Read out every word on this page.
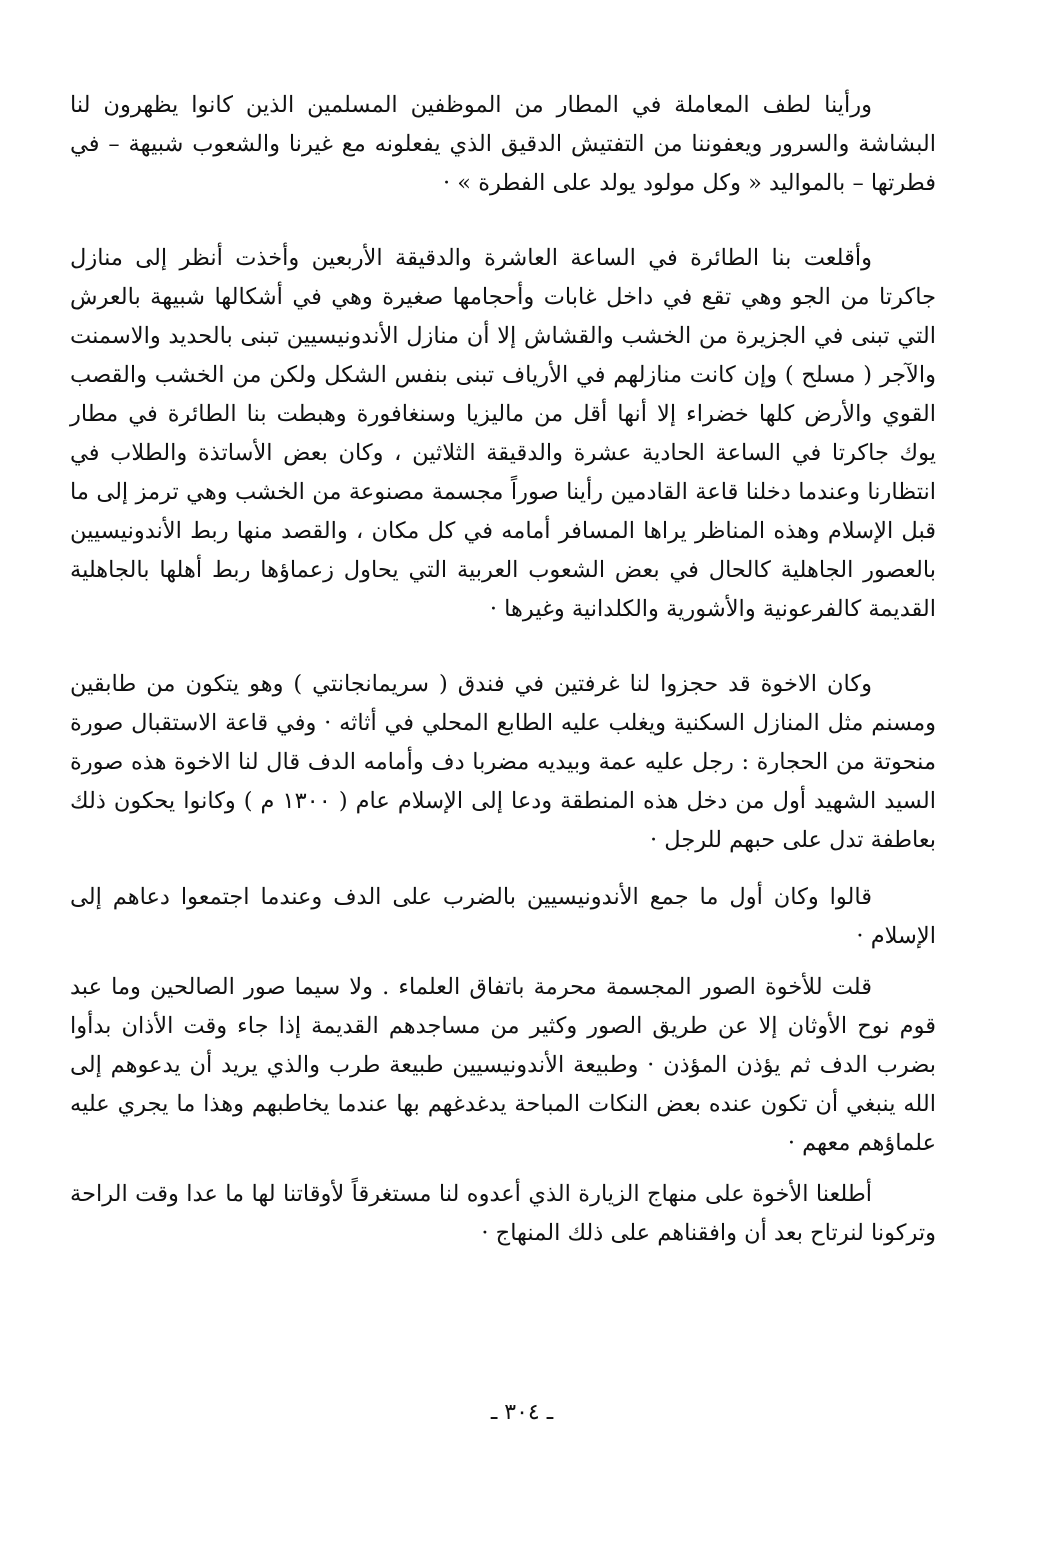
ورأينا لطف المعاملة في المطار من الموظفين المسلمين الذين كانوا يظهرون لنا البشاشة والسرور ويعفوننا من التفتيش الدقيق الذي يفعلونه مع غيرنا والشعوب شبيهة – في فطرتها – بالمواليد « وكل مولود يولد على الفطرة » ·

وأقلعت بنا الطائرة في الساعة العاشرة والدقيقة الأربعين وأخذت أنظر إلى منازل جاكرتا من الجو وهي تقع في داخل غابات وأحجامها صغيرة وهي في أشكالها شبيهة بالعرش التي تبنى في الجزيرة من الخشب والقشاش إلا أن منازل الأندونيسيين تبنى بالحديد والاسمنت والآجر ( مسلح ) وإن كانت منازلهم في الأرياف تبنى بنفس الشكل ولكن من الخشب والقصب القوي والأرض كلها خضراء إلا أنها أقل من ماليزيا وسنغافورة وهبطت بنا الطائرة في مطار يوك جاكرتا في الساعة الحادية عشرة والدقيقة الثلاثين ، وكان بعض الأساتذة والطلاب في انتظارنا وعندما دخلنا قاعة القادمين رأينا صوراً مجسمة مصنوعة من الخشب وهي ترمز إلى ما قبل الإسلام وهذه المناظر يراها المسافر أمامه في كل مكان ، والقصد منها ربط الأندونيسيين بالعصور الجاهلية كالحال في بعض الشعوب العربية التي يحاول زعماؤها ربط أهلها بالجاهلية القديمة كالفرعونية والأشورية والكلدانية وغيرها ·

وكان الاخوة قد حجزوا لنا غرفتين في فندق ( سريمانجانتي ) وهو يتكون من طابقين ومسنم مثل المنازل السكنية ويغلب عليه الطابع المحلي في أثاثه · وفي قاعة الاستقبال صورة منحوتة من الحجارة : رجل عليه عمة وبيديه مضربا دف وأمامه الدف قال لنا الاخوة هذه صورة السيد الشهيد أول من دخل هذه المنطقة ودعا إلى الإسلام عام ( ١٣٠٠ م ) وكانوا يحكون ذلك بعاطفة تدل على حبهم للرجل ·

قالوا وكان أول ما جمع الأندونيسيين بالضرب على الدف وعندما اجتمعوا دعاهم إلى الإسلام ·

قلت للأخوة الصور المجسمة محرمة باتفاق العلماء . ولا سيما صور الصالحين وما عبد قوم نوح الأوثان إلا عن طريق الصور وكثير من مساجدهم القديمة إذا جاء وقت الأذان بدأوا بضرب الدف ثم يؤذن المؤذن · وطبيعة الأندونيسيين طبيعة طرب والذي يريد أن يدعوهم إلى الله ينبغي أن تكون عنده بعض النكات المباحة يدغدغهم بها عندما يخاطبهم وهذا ما يجري عليه علماؤهم معهم ·

أطلعنا الأخوة على منهاج الزيارة الذي أعدوه لنا مستغرقاً لأوقاتنا لها ما عدا وقت الراحة وتركونا لنرتاح بعد أن وافقناهم على ذلك المنهاج ·

ـ ٣٠٤ ـ
